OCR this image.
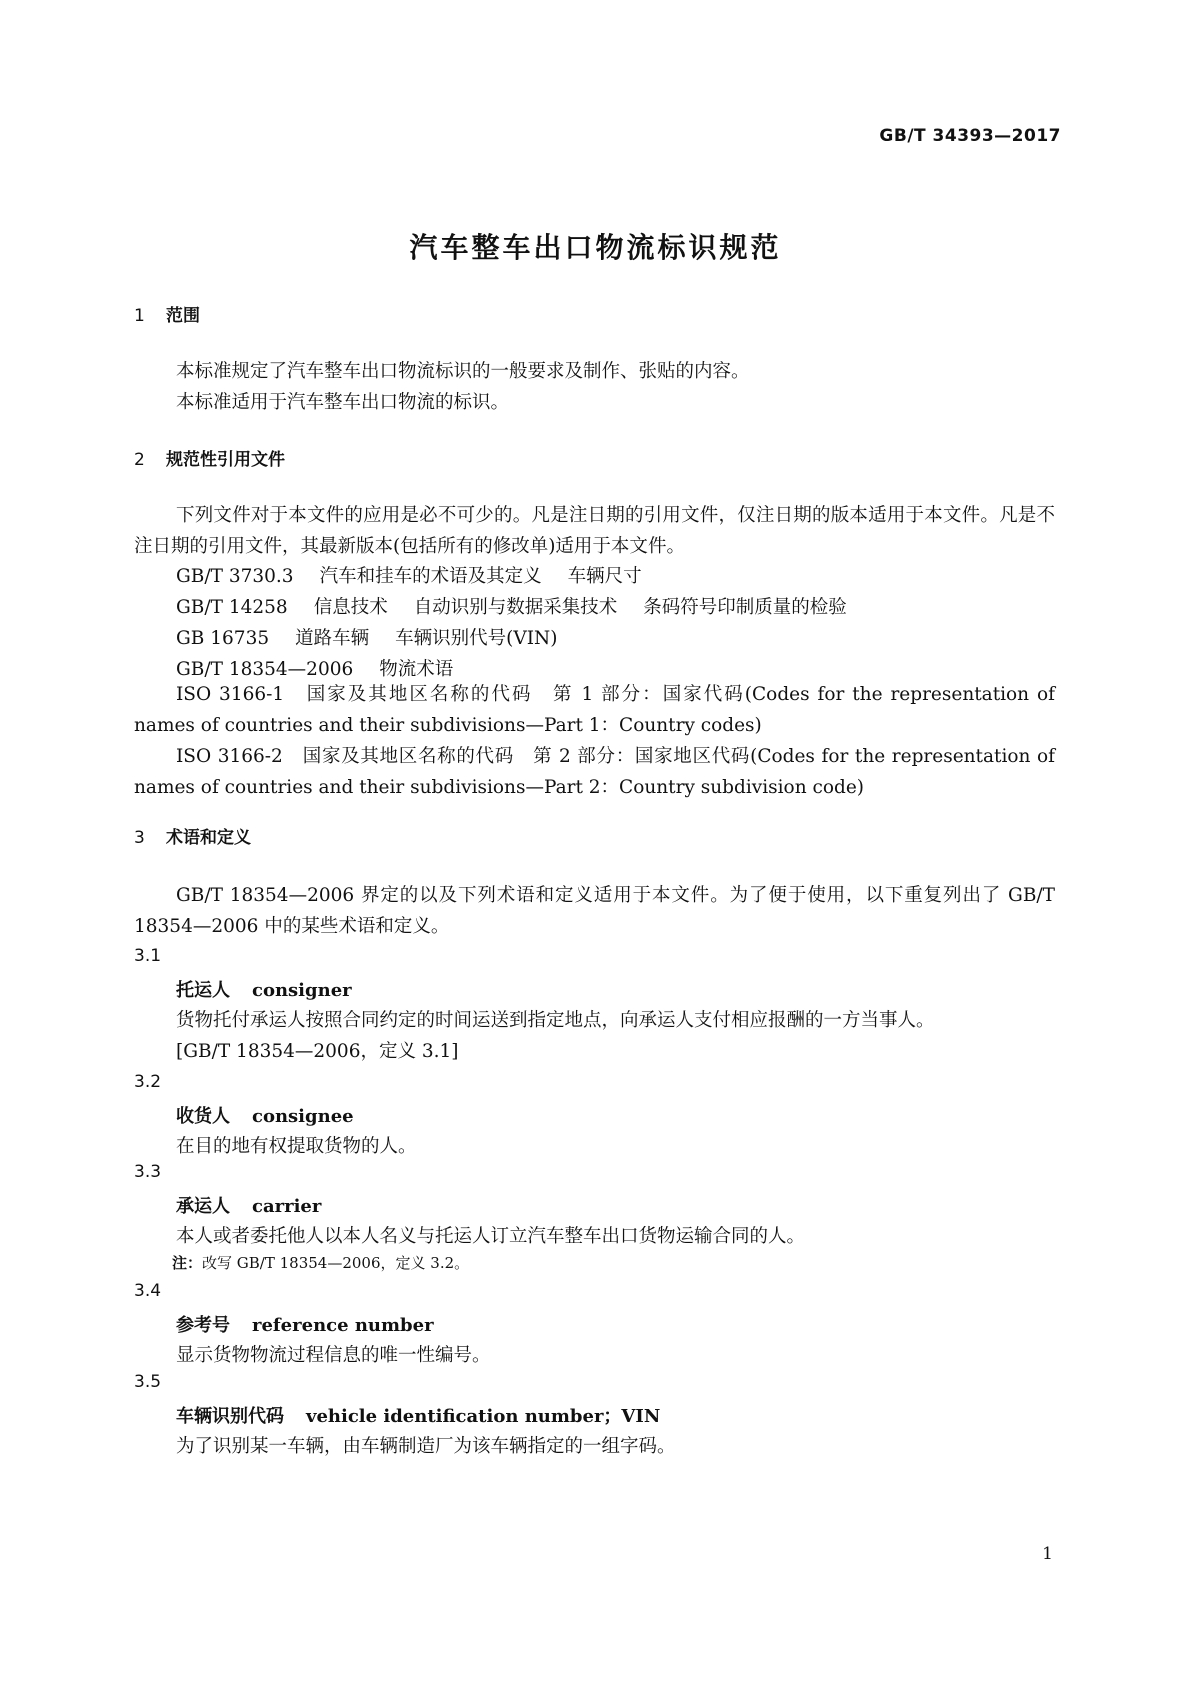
GB/T 34393—2017
汽车整车出口物流标识规范
1 范围
本标准规定了汽车整车出口物流标识的一般要求及制作、张贴的内容。
本标准适用于汽车整车出口物流的标识。
2 规范性引用文件
下列文件对于本文件的应用是必不可少的。凡是注日期的引用文件，仅注日期的版本适用于本文件。凡是不注日期的引用文件，其最新版本(包括所有的修改单)适用于本文件。
GB/T 3730.3 汽车和挂车的术语及其定义 车辆尺寸
GB/T 14258 信息技术 自动识别与数据采集技术 条码符号印制质量的检验
GB 16735 道路车辆 车辆识别代号(VIN)
GB/T 18354—2006 物流术语
ISO 3166-1　国家及其地区名称的代码　第 1 部分：国家代码(Codes for the representation of names of countries and their subdivisions—Part 1：Country codes)
ISO 3166-2　国家及其地区名称的代码　第 2 部分：国家地区代码(Codes for the representation of names of countries and their subdivisions—Part 2：Country subdivision code)
3 术语和定义
GB/T 18354—2006 界定的以及下列术语和定义适用于本文件。为了便于使用，以下重复列出了 GB/T 18354—2006 中的某些术语和定义。
3.1
托运人 consigner
货物托付承运人按照合同约定的时间运送到指定地点，向承运人支付相应报酬的一方当事人。
[GB/T 18354—2006，定义 3.1]
3.2
收货人 consignee
在目的地有权提取货物的人。
3.3
承运人 carrier
本人或者委托他人以本人名义与托运人订立汽车整车出口货物运输合同的人。
注：改写 GB/T 18354—2006，定义 3.2。
3.4
参考号 reference number
显示货物物流过程信息的唯一性编号。
3.5
车辆识别代码 vehicle identification number；VIN
为了识别某一车辆，由车辆制造厂为该车辆指定的一组字码。
1
